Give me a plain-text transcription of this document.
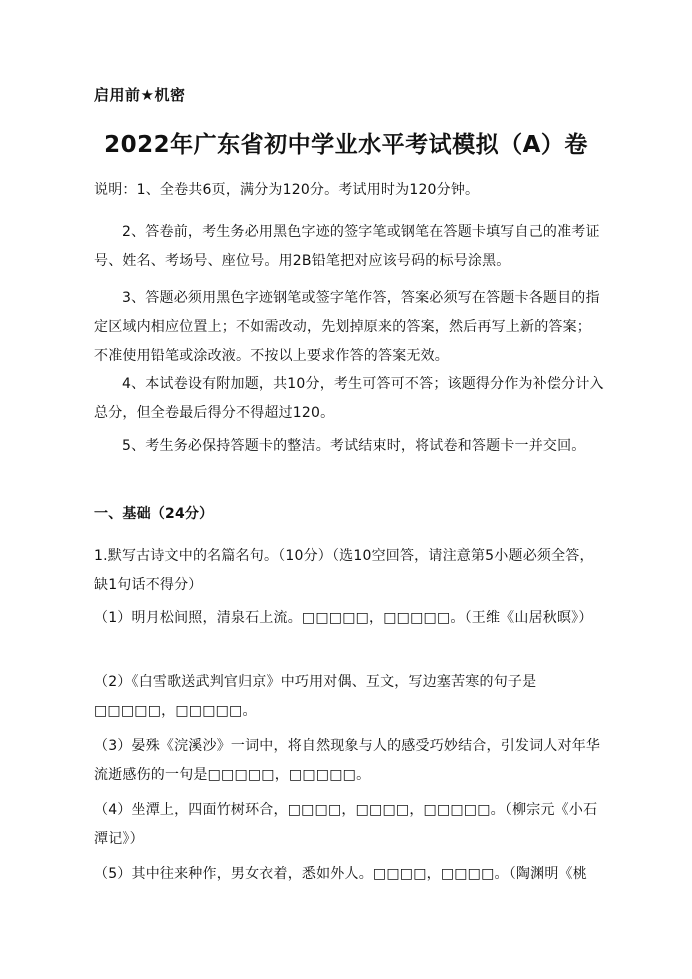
启用前★机密
2022年广东省初中学业水平考试模拟（A）卷

说明：1、全卷共6页，满分为120分。考试用时为120分钟。

2、答卷前，考生务必用黑色字迹的签字笔或钢笔在答题卡填写自己的准考证号、姓名、考场号、座位号。用2B铅笔把对应该号码的标号涂黑。

3、答题必须用黑色字迹钢笔或签字笔作答，答案必须写在答题卡各题目的指定区域内相应位置上；不如需改动，先划掉原来的答案，然后再写上新的答案；不准使用铅笔或涂改液。不按以上要求作答的答案无效。

4、本试卷设有附加题，共10分，考生可答可不答；该题得分作为补偿分计入总分，但全卷最后得分不得超过120。

5、考生务必保持答题卡的整洁。考试结束时，将试卷和答题卡一并交回。

一、基础（24分）

1.默写古诗文中的名篇名句。（10分）（选10空回答，请注意第5小题必须全答，缺1句话不得分）

（1）明月松间照，清泉石上流。□□□□□，□□□□□。（王维《山居秋暝》）

（2）《白雪歌送武判官归京》中巧用对偶、互文，写边塞苦寒的句子是□□□□□，□□□□□。

（3）晏殊《浣溪沙》一词中，将自然现象与人的感受巧妙结合，引发词人对年华流逝感伤的一句是□□□□□，□□□□□。

（4）坐潭上，四面竹树环合，□□□□，□□□□，□□□□□。（柳宗元《小石潭记》）

（5）其中往来种作，男女衣着，悉如外人。□□□□，□□□□。（陶渊明《桃
